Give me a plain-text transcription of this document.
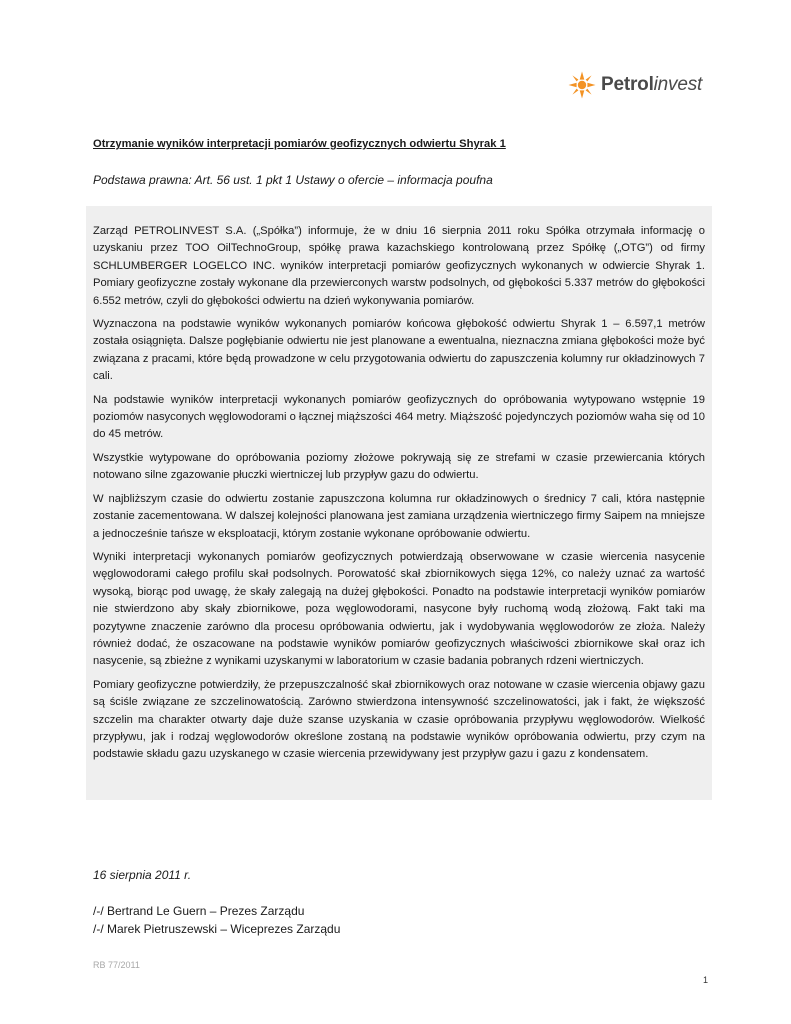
Petrolinvest
Otrzymanie wyników interpretacji pomiarów geofizycznych odwiertu Shyrak 1
Podstawa prawna: Art. 56 ust. 1 pkt 1 Ustawy o ofercie – informacja poufna

Zarząd PETROLINVEST S.A. („Spółka”) informuje, że w dniu 16 sierpnia 2011 roku Spółka otrzymała informację o uzyskaniu przez TOO OilTechnoGroup, spółkę prawa kazachskiego kontrolowaną przez Spółkę („OTG”) od firmy SCHLUMBERGER LOGELCO INC. wyników interpretacji pomiarów geofizycznych wykonanych w odwiercie Shyrak 1. Pomiary geofizyczne zostały wykonane dla przewierconych warstw podsolnych, od głębokości 5.337 metrów do głębokości 6.552 metrów, czyli do głębokości odwiertu na dzień wykonywania pomiarów.

Wyznaczona na podstawie wyników wykonanych pomiarów końcowa głębokość odwiertu Shyrak 1 – 6.597,1 metrów została osiągnięta. Dalsze pogłębianie odwiertu nie jest planowane a ewentualna, nieznaczna zmiana głębokości może być związana z pracami, które będą prowadzone w celu przygotowania odwiertu do zapuszczenia kolumny rur okładzinowych 7 cali.

Na podstawie wyników interpretacji wykonanych pomiarów geofizycznych do opróbowania wytypowano wstępnie 19 poziomów nasyconych węglowodorami o łącznej miąższości 464 metry. Miąższość pojedynczych poziomów waha się od 10 do 45 metrów.

Wszystkie wytypowane do opróbowania poziomy złożowe pokrywają się ze strefami w czasie przewiercania których notowano silne zgazowanie płuczki wiertniczej lub przypływ gazu do odwiertu.

W najbliższym czasie do odwiertu zostanie zapuszczona kolumna rur okładzinowych o średnicy 7 cali, która następnie zostanie zacementowana. W dalszej kolejności planowana jest zamiana urządzenia wiertniczego firmy Saipem na mniejsze a jednocześnie tańsze w eksploatacji, którym zostanie wykonane opróbowanie odwiertu.

Wyniki interpretacji wykonanych pomiarów geofizycznych potwierdzają obserwowane w czasie wiercenia nasycenie węglowodorami całego profilu skał podsolnych. Porowatość skał zbiornikowych sięga 12%, co należy uznać za wartość wysoką, biorąc pod uwagę, że skały zalegają na dużej głębokości. Ponadto na podstawie interpretacji wyników pomiarów nie stwierdzono aby skały zbiornikowe, poza węglowodorami, nasycone były ruchomą wodą złożową. Fakt taki ma pozytywne znaczenie zarówno dla procesu opróbowania odwiertu, jak i wydobywania węglowodorów ze złoża. Należy również dodać, że oszacowane na podstawie wyników pomiarów geofizycznych właściwości zbiornikowe skał oraz ich nasycenie, są zbieżne z wynikami uzyskanymi w laboratorium w czasie badania pobranych rdzeni wiertniczych.

Pomiary geofizyczne potwierdziły, że przepuszczalność skał zbiornikowych oraz notowane w czasie wiercenia objawy gazu są ściśle związane ze szczelinowatością. Zarówno stwierdzona intensywność szczelinowatości, jak i fakt, że większość szczelin ma charakter otwarty daje duże szanse uzyskania w czasie opróbowania przypływu węglowodorów. Wielkość przypływu, jak i rodzaj węglowodorów określone zostaną na podstawie wyników opróbowania odwiertu, przy czym na podstawie składu gazu uzyskanego w czasie wiercenia przewidywany jest przypływ gazu i gazu z kondensatem.

16 sierpnia 2011 r.
/-/ Bertrand Le Guern – Prezes Zarządu
/-/ Marek Pietruszewski – Wiceprezes Zarządu
RB 77/2011
1
